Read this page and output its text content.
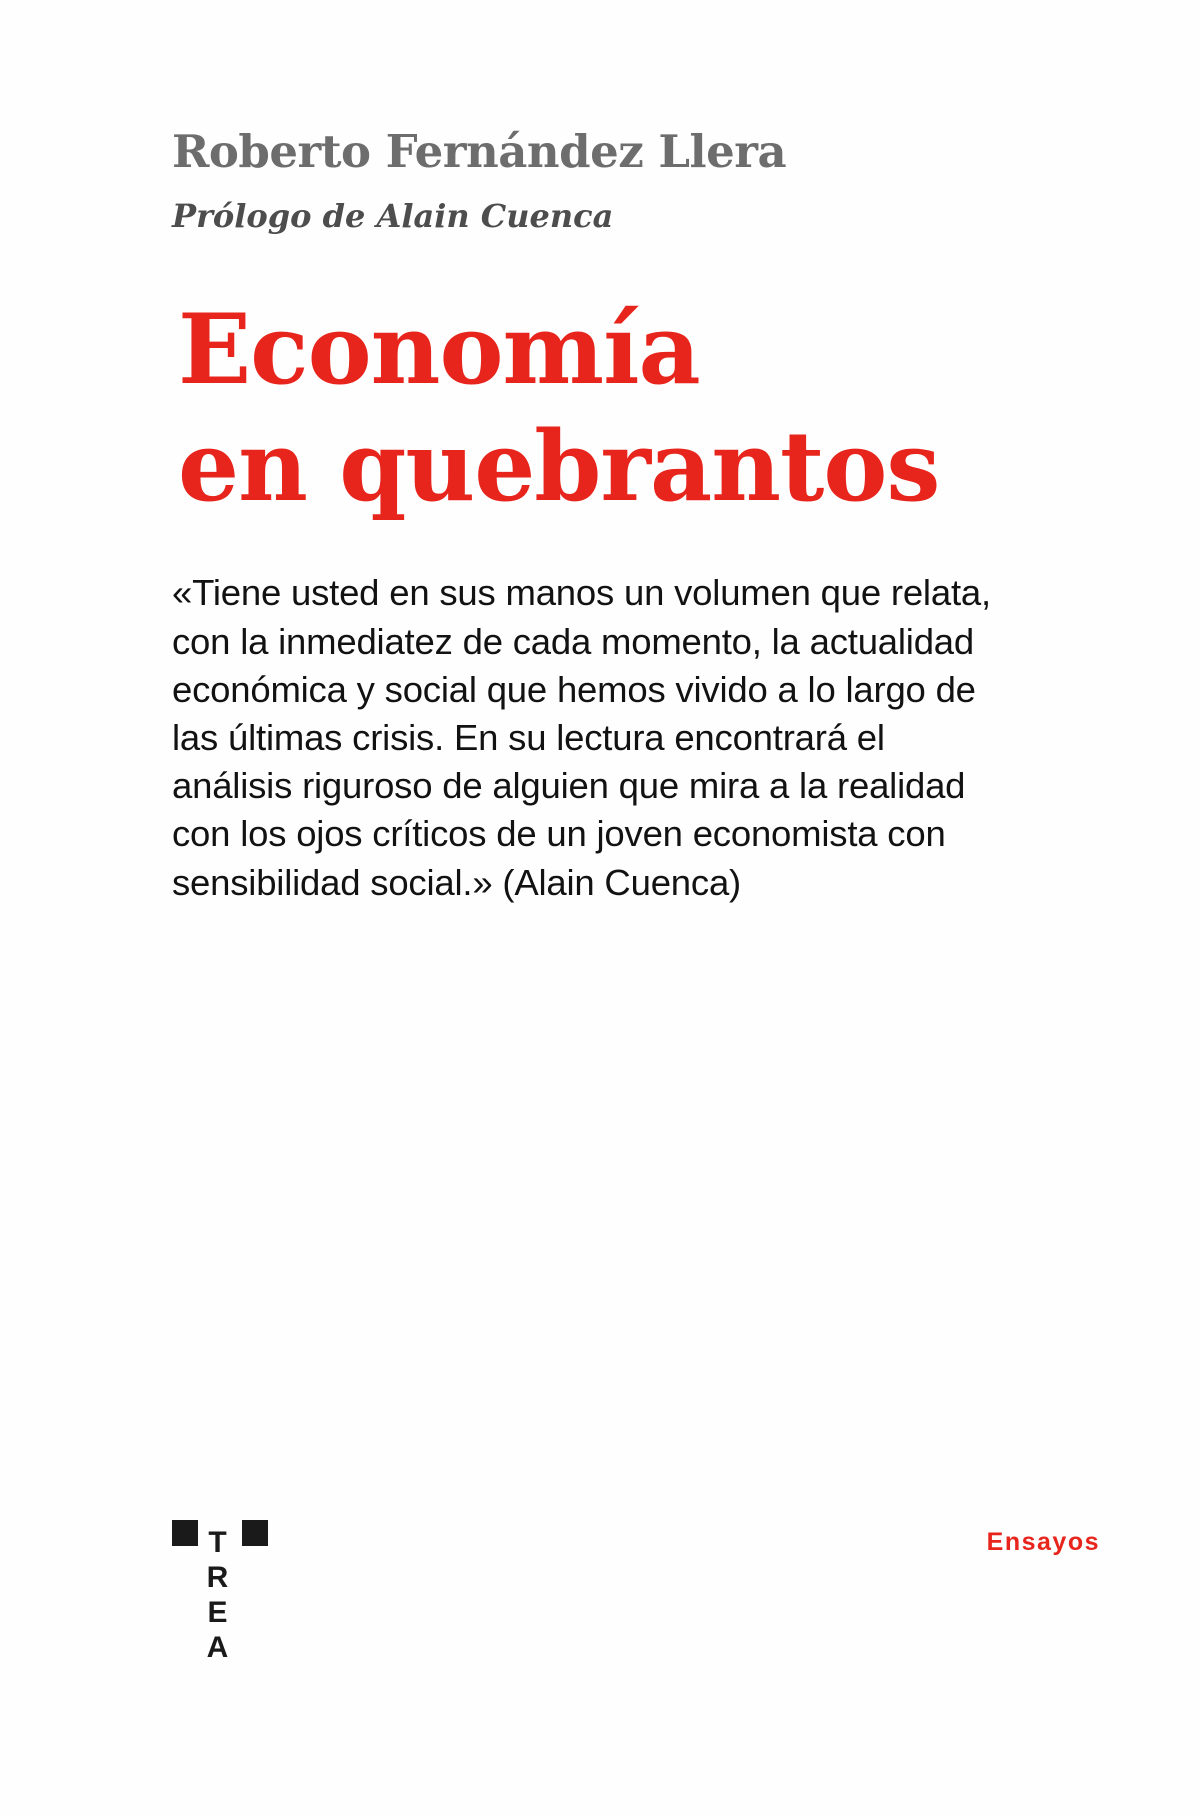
Roberto Fernández Llera
Prólogo de Alain Cuenca
Economía
en quebrantos
«Tiene usted en sus manos un volumen que relata, con la inmediatez de cada momento, la actualidad económica y social que hemos vivido a lo largo de las últimas crisis. En su lectura encontrará el análisis riguroso de alguien que mira a la realidad con los ojos críticos de un joven economista con sensibilidad social.» (Alain Cuenca)
TREA	Ensayos
